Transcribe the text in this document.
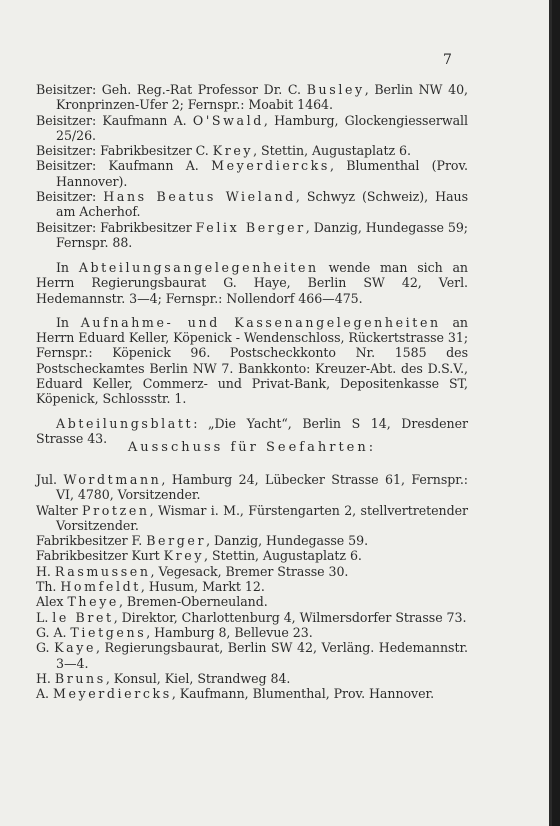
7
Beisitzer: Geh. Reg.-Rat Professor Dr. C. Busley, Berlin NW 40, Kronprinzen-Ufer 2; Fernspr.: Moabit 1464.
Beisitzer: Kaufmann A. O'Swald, Hamburg, Glockengiesserwall 25/26.
Beisitzer: Fabrikbesitzer C. Krey, Stettin, Augustaplatz 6.
Beisitzer: Kaufmann A. Meyerdiercks, Blumenthal (Prov. Hannover).
Beisitzer: Hans Beatus Wieland, Schwyz (Schweiz), Haus am Acherhof.
Beisitzer: Fabrikbesitzer Felix Berger, Danzig, Hundegasse 59; Fernspr. 88.
In Abteilungsangelegenheiten wende man sich an Herrn Regierungsbaurat G. Haye, Berlin SW 42, Verl. Hedemannstr. 3—4; Fernspr.: Nollendorf 466—475.
In Aufnahme- und Kassenangelegenheiten an Herrn Eduard Keller, Köpenick - Wendenschloss, Rückertstrasse 31; Fernspr.: Köpenick 96. Postscheckkonto Nr. 1585 des Postscheckamtes Berlin NW 7. Bankkonto: Kreuzer-Abt. des D.S.V., Eduard Keller, Commerz- und Privat-Bank, Depositenkasse ST, Köpenick, Schlossstr. 1.
Abteilungsblatt: „Die Yacht“, Berlin S 14, Dresdener Strasse 43.
Ausschuss für Seefahrten:
Jul. Wordtmann, Hamburg 24, Lübecker Strasse 61, Fernspr.: VI, 4780, Vorsitzender.
Walter Protzen, Wismar i. M., Fürstengarten 2, stellvertretender Vorsitzender.
Fabrikbesitzer F. Berger, Danzig, Hundegasse 59.
Fabrikbesitzer Kurt Krey, Stettin, Augustaplatz 6.
H. Rasmussen, Vegesack, Bremer Strasse 30.
Th. Homfeldt, Husum, Markt 12.
Alex Theye, Bremen-Oberneuland.
L. le Bret, Direktor, Charlottenburg 4, Wilmersdorfer Strasse 73.
G. A. Tietgens, Hamburg 8, Bellevue 23.
G. Kaye, Regierungsbaurat, Berlin SW 42, Verläng. Hedemannstr. 3—4.
H. Bruns, Konsul, Kiel, Strandweg 84.
A. Meyerdiercks, Kaufmann, Blumenthal, Prov. Hannover.
